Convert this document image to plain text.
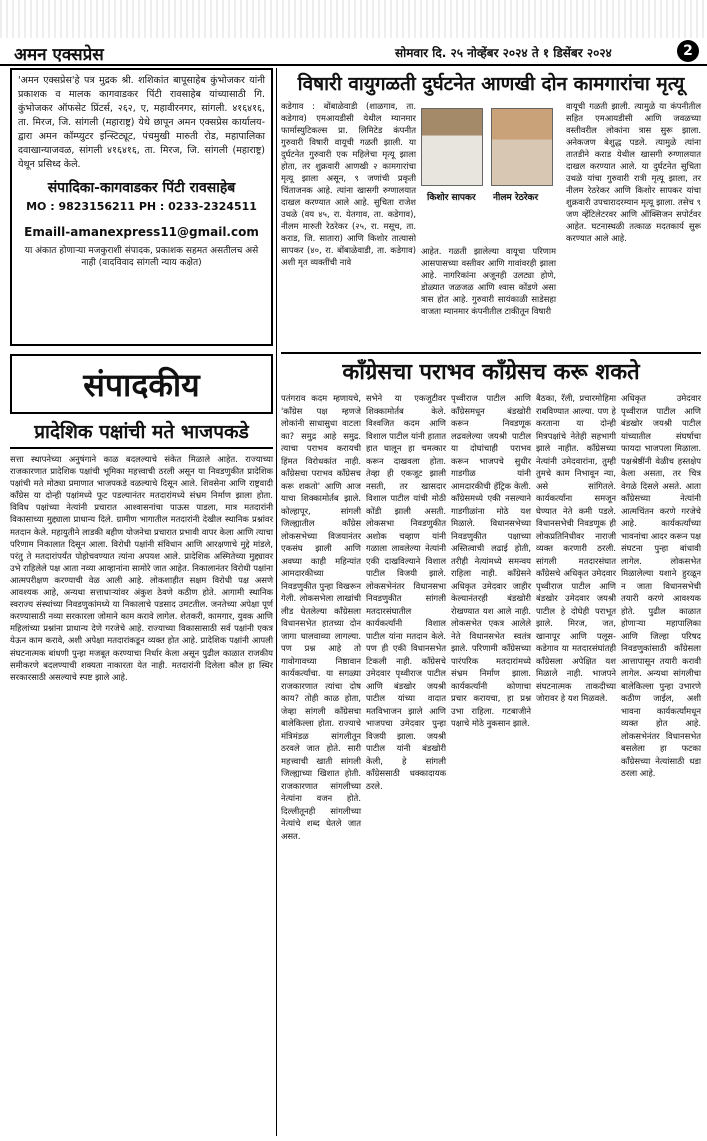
अमन एक्सप्रेस	सोमवार दि. २५ नोव्हेंबर २०२४ ते १ डिसेंबर २०२४	2

'अमन एक्सप्रेस'हे पत्र मुद्रक श्री. शशिकांत बापूसाहेब कुंभोजकर यांनी प्रकाशक व मालक कागवाडकर पिंटी रावसाहेब यांच्यासाठी गि. कुंभोजकर ऑफसेट प्रिंटर्स, २६२, ए, महावीरनगर, सांगली. ४१६४१६, ता. मिरज, जि. सांगली (महाराष्ट्र) येथे छापून अमन एक्सप्रेस कार्यालय-द्वारा अमन कॉम्प्युटर इन्स्टिट्यूट, पंचमुखी मारुती रोड, महापालिका दवाखान्याजवळ, सांगली ४१६४१६, ता. मिरज, जि. सांगली (महाराष्ट्र) येथून प्रसिध्द केले.

संपादिका-कागवाडकर पिंटी रावसाहेब
MO : 9823156211 PH : 0233-2324511
Emaill-amanexpress11@gmail.com
या अंकात होणाऱ्या मजकुराशी संपादक, प्रकाशक सहमत असतीलच असे नाही (वादविवाद सांगली न्याय कक्षेत)
संपादकीय
प्रादेशिक पक्षांची मते भाजपकडे
सत्ता स्थापनेच्या अनुषंगाने काळ बदलल्याचे संकेत मिळाले आहेत. राज्याच्या राजकारणात प्रादेशिक पक्षांची भूमिका महत्त्वाची ठरली असून या निवडणुकीत प्रादेशिक पक्षांची मते मोठ्या प्रमाणात भाजपकडे वळल्याचे दिसून आले. शिवसेना आणि राष्ट्रवादी काँग्रेस या दोन्ही पक्षांमध्ये फूट पडल्यानंतर मतदारांमध्ये संभ्रम निर्माण झाला होता. विविध पक्षांच्या नेत्यांनी प्रचारात आश्वासनांचा पाऊस पाडला, मात्र मतदारांनी विकासाच्या मुद्द्याला प्राधान्य दिले. ग्रामीण भागातील मतदारांनी देखील स्थानिक प्रश्नांवर मतदान केले. महायुतीने लाडकी बहीण योजनेचा प्रचारात प्रभावी वापर केला आणि त्याचा परिणाम निकालात दिसून आला. विरोधी पक्षांनी संविधान आणि आरक्षणाचे मुद्दे मांडले, परंतु ते मतदारांपर्यंत पोहोचवण्यात त्यांना अपयश आले. प्रादेशिक अस्मितेच्या मुद्द्यावर उभे राहिलेले पक्ष आता नव्या आव्हानांना सामोरे जात आहेत. निकालानंतर विरोधी पक्षांना आत्मपरीक्षण करण्याची वेळ आली आहे. लोकशाहीत सक्षम विरोधी पक्ष असणे आवश्यक आहे, अन्यथा सत्ताधाऱ्यांवर अंकुश ठेवणे कठीण होते. आगामी स्थानिक स्वराज्य संस्थांच्या निवडणुकांमध्ये या निकालाचे पडसाद उमटतील. जनतेच्या अपेक्षा पूर्ण करण्यासाठी नव्या सरकारला जोमाने काम करावे लागेल. शेतकरी, कामगार, युवक आणि महिलांच्या प्रश्नांना प्राधान्य देणे गरजेचे आहे. राज्याच्या विकासासाठी सर्व पक्षांनी एकत्र येऊन काम करावे, अशी अपेक्षा मतदारांकडून व्यक्त होत आहे. प्रादेशिक पक्षांनी आपली संघटनात्मक बांधणी पुन्हा मजबूत करण्याचा निर्धार केला असून पुढील काळात राजकीय समीकरणे बदलण्याची शक्यता नाकारता येत नाही. मतदारांनी दिलेला कौल हा स्थिर सरकारसाठी असल्याचे स्पष्ट झाले आहे.
विषारी वायुगळती दुर्घटनेत आणखी दोन कामगारांचा मृत्यू
कडेगाव : बोंबाळेवाडी (शाळगाव, ता. कडेगाव) एमआयडीसी येथील म्यानमार फार्मास्युटिकल्स प्रा. लिमिटेड कंपनीत गुरुवारी विषारी वायूची गळती झाली. या दुर्घटनेत गुरुवारी एक महिलेचा मृत्यू झाला होता, तर शुक्रवारी आणखी २ कामगारांचा मृत्यू झाला असून, ९ जणांची प्रकृती चिंताजनक आहे. त्यांना खासगी रुग्णालयात दाखल करण्यात आले आहे. सुचिता राजेश उथळे (वय ४५, रा. येतगाव, ता. कडेगाव), नीलम मारुती रेठरेकर (२५, रा. मसूच, ता. कराड, जि. सातारा) आणि किशोर तात्यासो सापकर (४०, रा. बोंबाळेवाडी, ता. कडेगाव) अशी मृत व्यक्तींची नावे
किशोर सापकर नीलम रेठरेकर
आहेत. गळती झालेल्या वायूचा परिणाम आसपासच्या वस्तीवर आणि गावांवरही झाला आहे. नागरिकांना अजूनही उलट्या होणे, डोळ्यात जळजळ आणि श्वास कोंडणे असा त्रास होत आहे. गुरुवारी सायंकाळी साडेसहा वाजता म्यानमार कंपनीतील टाकीतून विषारी
वायूची गळती झाली. त्यामुळे या कंपनीतील सहित एमआयडीसी आणि जवळच्या वस्तीवरील लोकांना त्रास सुरू झाला. अनेकजण बेशुद्ध पडले. त्यामुळे त्यांना तातडीने कराड येथील खासगी रुग्णालयात दाखल करण्यात आले. या दुर्घटनेत सुचिता उथळे यांचा गुरुवारी रात्री मृत्यू झाला, तर नीलम रेठरेकर आणि किशोर सापकर यांचा शुक्रवारी उपचारादरम्यान मृत्यू झाला. तसेच ९ जण व्हेंटिलेटरवर आणि ऑक्सिजन सपोर्टवर आहेत. घटनास्थळी तत्काळ मदतकार्य सुरू करण्यात आले आहे.
काँग्रेसचा पराभव काँग्रेसच करू शकते
पतंगराव कदम म्हणायचे, 'काँग्रेस पक्ष म्हणजे लोकांनी साधासुधा वाटला का? समुद्र आहे समुद्र. त्याचा पराभव करायची हिंमत विरोधकांत नाही. काँग्रेसचा पराभव काँग्रेसच करू शकतो' आणि आज याचा शिक्कामोर्तब झाले. कोल्हापूर, सांगली जिल्ह्यातील काँग्रेस लोकसभेच्या विजयानंतर एकसंघ झाली आणि अवघ्या काही महिन्यांत आमदारकीच्या निवडणुकीत पुन्हा विखरून गेली. लोकसभेला लाखांची लीड घेतलेल्या काँग्रेसला विधानसभेत हातच्या दोन जागा घालवाव्या लागल्या. पण प्रश्न आहे तो गावोगावच्या निष्ठावान कार्यकर्त्यांचा. या सगळ्या राजकारणात त्यांचा दोष काय? तोही काळ होता, जेव्हा सांगली काँग्रेसचा बालेकिल्ला होता. राज्याचे मंत्रिमंडळ सांगलीतून ठरवले जात होते. सारी महत्त्वाची खाती सांगली जिल्ह्याच्या खिशात होती. राजकारणात सांगलीच्या नेत्यांना वजन होते. दिल्लीतूनही सांगलीच्या नेत्यांचे शब्द घेतले जात असत.
सभेने या एकजुटीवर शिक्कामोर्तब केले. विश्वजित कदम आणि विशाल पाटील यांनी हातात हात घालून हा चमत्कार करून दाखवला होता. तेव्हा ही एकजूट झाली नसती, तर खासदार विशाल पाटील यांची मोठी कोंडी झाली असती. लोकसभा निवडणुकीत अशोक चव्हाण यांनी गळाला लावलेल्या नेत्यांनी एकी दाखविल्याने विशाल पाटील विजयी झाले. लोकसभेनंतर विधानसभा निवडणुकीत सांगली मतदारसंघातील कार्यकर्त्यांनी विशाल पाटील यांना मतदान केले. पण ही एकी विधानसभेत टिकली नाही. काँग्रेसचे उमेदवार पृथ्वीराज पाटील आणि बंडखोर जयश्री पाटील यांच्या वादात मतविभाजन झाले आणि भाजपचा उमेदवार पुन्हा विजयी झाला. जयश्री पाटील यांनी बंडखोरी केली, हे सांगली काँग्रेससाठी धक्कादायक ठरले.
पृथ्वीराज पाटील आणि काँग्रेसमधून बंडखोरी करून निवडणूक लढवलेल्या जयश्री पाटील या दोघांचाही पराभव करून भाजपचे सुधीर गाडगीळ यांनी आमदारकीची हॅट्रिक केली. काँग्रेसमध्ये एकी नसल्याने गाडगीळांना मोठे यश मिळाले. विधानसभेच्या निवडणुकीत पक्षाच्या अस्तित्वाची लढाई होती, तरीही नेत्यांमध्ये समन्वय राहिला नाही. काँग्रेसने अधिकृत उमेदवार जाहीर केल्यानंतरही बंडखोरी रोखण्यात यश आले नाही. लोकसभेत एकत्र आलेले नेते विधानसभेत स्वतंत्र झाले. परिणामी काँग्रेसच्या पारंपरिक मतदारांमध्ये संभ्रम निर्माण झाला. कार्यकर्त्यांनी कोणाचा प्रचार करायचा, हा प्रश्न उभा राहिला. गटबाजीने पक्षाचे मोठे नुकसान झाले.
बैठका, रॅली, प्रचारमोहिमा राबविण्यात आल्या. पण हे करताना या दोन्ही मित्रपक्षांचे नेतेही सहभागी झाले नाहीत. काँग्रेसच्या नेत्यांनी उमेदवारांना, तुम्ही तुमचे काम निभावून न्या, असे सांगितले. कार्यकर्त्यांना समजून घेण्यात नेते कमी पडले. विधानसभेची निवडणूक ही लोकप्रतिनिधीवर नाराजी व्यक्त करणारी ठरली. सांगली मतदारसंघात काँग्रेसचे अधिकृत उमेदवार पृथ्वीराज पाटील आणि बंडखोर उमेदवार जयश्री पाटील हे दोघेही पराभूत झाले. मिरज, जत, खानापूर आणि पलूस-कडेगाव या मतदारसंघांतही काँग्रेसला अपेक्षित यश मिळाले नाही. भाजपने संघटनात्मक ताकदीच्या जोरावर हे यश मिळवले.
अधिकृत उमेदवार पृथ्वीराज पाटील आणि बंडखोर जयश्री पाटील यांच्यातील संघर्षाचा फायदा भाजपला मिळाला. पक्षश्रेष्ठींनी वेळीच हस्तक्षेप केला असता, तर चित्र वेगळे दिसले असते. आता काँग्रेसच्या नेत्यांनी आत्मचिंतन करणे गरजेचे आहे. कार्यकर्त्यांच्या भावनांचा आदर करून पक्ष संघटना पुन्हा बांधावी लागेल. लोकसभेत मिळालेल्या यशाने हुरळून न जाता विधानसभेची तयारी करणे आवश्यक होते. पुढील काळात होणाऱ्या महापालिका आणि जिल्हा परिषद निवडणुकांसाठी काँग्रेसला आत्तापासून तयारी करावी लागेल. अन्यथा सांगलीचा बालेकिल्ला पुन्हा उभारणे कठीण जाईल, अशी भावना कार्यकर्त्यांमधून व्यक्त होत आहे. लोकसभेनंतर विधानसभेत बसलेला हा फटका काँग्रेसच्या नेत्यांसाठी धडा ठरला आहे.
